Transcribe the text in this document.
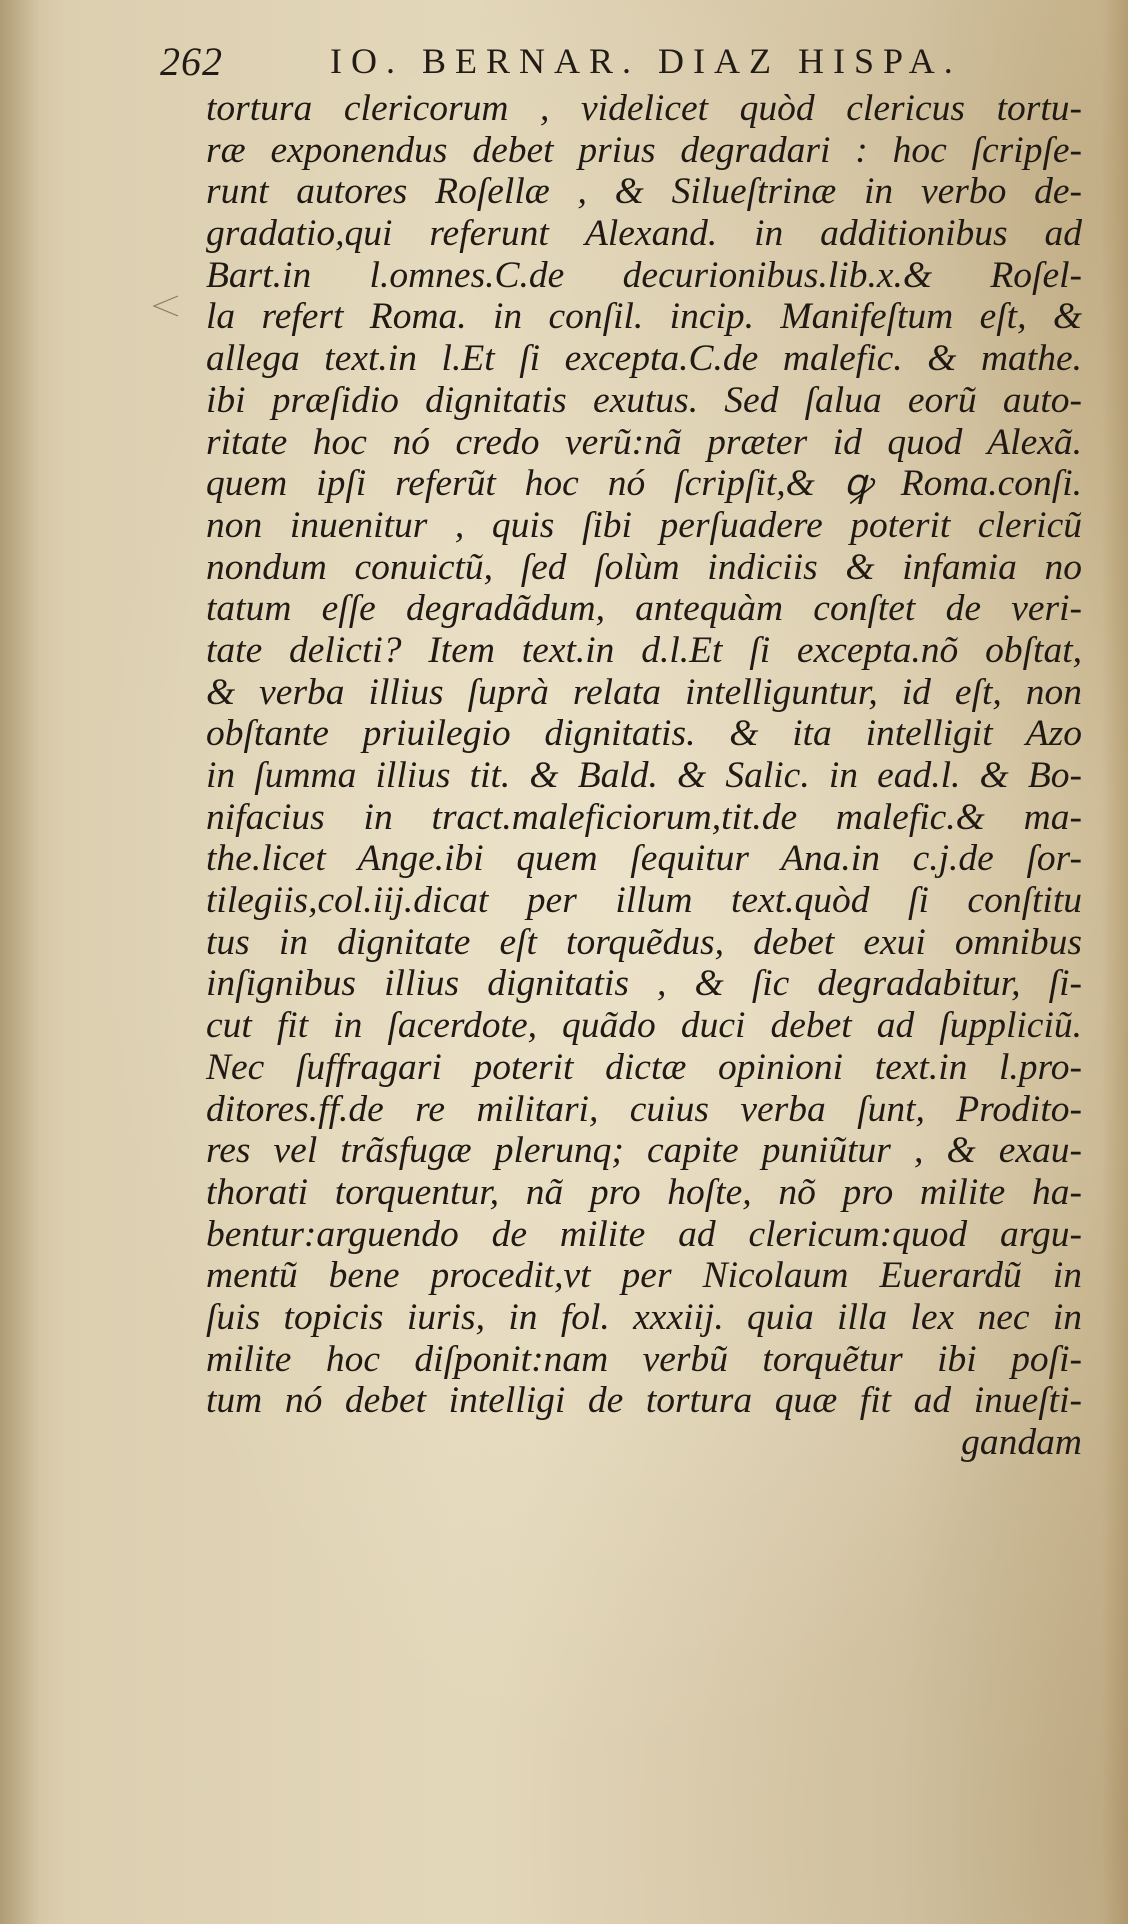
262	IO. BERNAR. DIAZ HISPA.
tortura clericorum , videlicet quòd clericus tortu-
ræ exponendus debet prius degradari : hoc ſcripſe-
runt autores Roſellæ , & Silueſtrinæ in verbo de-
gradatio,qui referunt Alexand. in additionibus ad
Bart.in l.omnes.C.de decurionibus.lib.x.& Roſel-
la refert Roma. in conſil. incip. Manifeſtum eſt, &
allega text.in l.Et ſi excepta.C.de malefic. & mathe.
ibi præſidio dignitatis exutus. Sed ſalua eorũ auto-
ritate hoc nó credo verũ:nã præter id quod Alexã.
quem ipſi referũt hoc nó ſcripſit,& ꝙ Roma.conſi.
non inuenitur , quis ſibi perſuadere poterit clericũ
nondum conuictũ, ſed ſolùm indiciis & infamia no
tatum eſſe degradãdum, antequàm conſtet de veri-
tate delicti? Item text.in d.l.Et ſi excepta.nõ obſtat,
& verba illius ſuprà relata intelliguntur, id eſt, non
obſtante priuilegio dignitatis. & ita intelligit Azo
in ſumma illius tit. & Bald. & Salic. in ead.l. & Bo-
nifacius in tract.maleficiorum,tit.de malefic.& ma-
the.licet Ange.ibi quem ſequitur Ana.in c.j.de ſor-
tilegiis,col.iij.dicat per illum text.quòd ſi conſtitu
tus in dignitate eſt torquẽdus, debet exui omnibus
inſignibus illius dignitatis , & ſic degradabitur, ſi-
cut fit in ſacerdote, quãdo duci debet ad ſuppliciũ.
Nec ſuffragari poterit dictæ opinioni text.in l.pro-
ditores.ff.de re militari, cuius verba ſunt, Prodito-
res vel trãsfugæ plerunq; capite puniũtur , & exau-
thorati torquentur, nã pro hoſte, nõ pro milite ha-
bentur:arguendo de milite ad clericum:quod argu-
mentũ bene procedit,vt per Nicolaum Euerardũ in
ſuis topicis iuris, in fol. xxxiij. quia illa lex nec in
milite hoc diſponit:nam verbũ torquẽtur ibi poſi-
tum nó debet intelligi de tortura quæ fit ad inueſti-
gandam
